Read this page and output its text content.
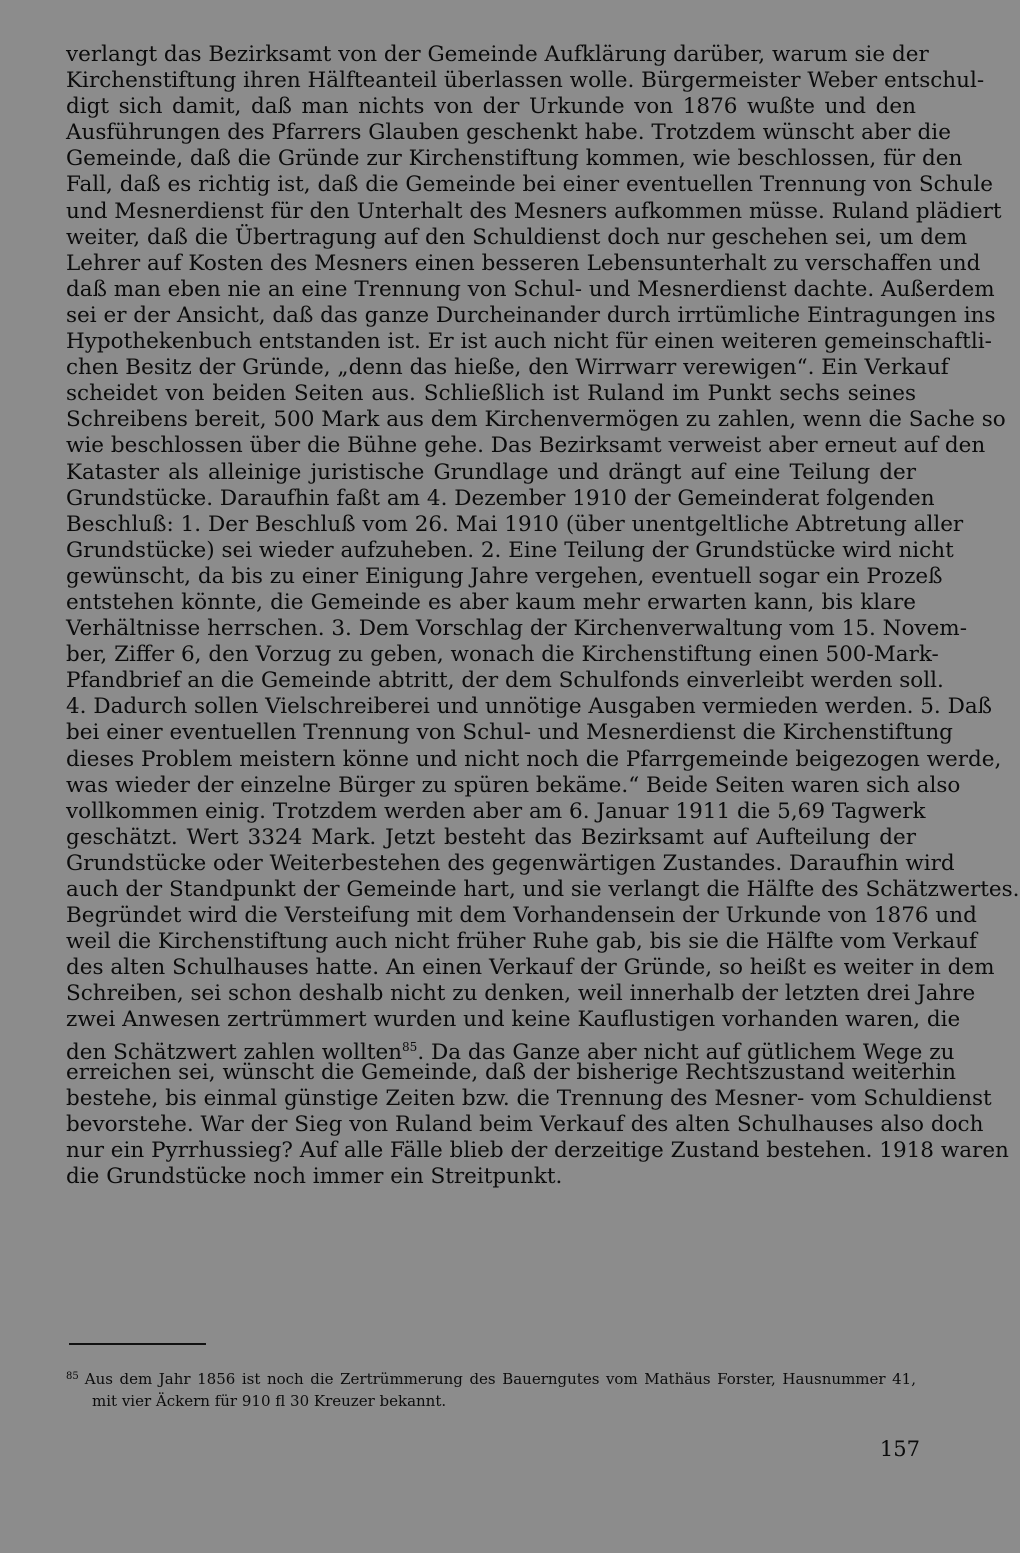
verlangt das Bezirksamt von der Gemeinde Aufklärung darüber, warum sie der
Kirchenstiftung ihren Hälfteanteil überlassen wolle. Bürgermeister Weber entschul-
digt sich damit, daß man nichts von der Urkunde von 1876 wußte und den
Ausführungen des Pfarrers Glauben geschenkt habe. Trotzdem wünscht aber die
Gemeinde, daß die Gründe zur Kirchenstiftung kommen, wie beschlossen, für den
Fall, daß es richtig ist, daß die Gemeinde bei einer eventuellen Trennung von Schule
und Mesnerdienst für den Unterhalt des Mesners aufkommen müsse. Ruland plädiert
weiter, daß die Übertragung auf den Schuldienst doch nur geschehen sei, um dem
Lehrer auf Kosten des Mesners einen besseren Lebensunterhalt zu verschaffen und
daß man eben nie an eine Trennung von Schul- und Mesnerdienst dachte. Außerdem
sei er der Ansicht, daß das ganze Durcheinander durch irrtümliche Eintragungen ins
Hypothekenbuch entstanden ist. Er ist auch nicht für einen weiteren gemeinschaftli-
chen Besitz der Gründe, „denn das hieße, den Wirrwarr verewigen“. Ein Verkauf
scheidet von beiden Seiten aus. Schließlich ist Ruland im Punkt sechs seines
Schreibens bereit, 500 Mark aus dem Kirchenvermögen zu zahlen, wenn die Sache so
wie beschlossen über die Bühne gehe. Das Bezirksamt verweist aber erneut auf den
Kataster als alleinige juristische Grundlage und drängt auf eine Teilung der
Grundstücke. Daraufhin faßt am 4. Dezember 1910 der Gemeinderat folgenden
Beschluß: 1. Der Beschluß vom 26. Mai 1910 (über unentgeltliche Abtretung aller
Grundstücke) sei wieder aufzuheben. 2. Eine Teilung der Grundstücke wird nicht
gewünscht, da bis zu einer Einigung Jahre vergehen, eventuell sogar ein Prozeß
entstehen könnte, die Gemeinde es aber kaum mehr erwarten kann, bis klare
Verhältnisse herrschen. 3. Dem Vorschlag der Kirchenverwaltung vom 15. Novem-
ber, Ziffer 6, den Vorzug zu geben, wonach die Kirchenstiftung einen 500-Mark-
Pfandbrief an die Gemeinde abtritt, der dem Schulfonds einverleibt werden soll.
4. Dadurch sollen Vielschreiberei und unnötige Ausgaben vermieden werden. 5. Daß
bei einer eventuellen Trennung von Schul- und Mesnerdienst die Kirchenstiftung
dieses Problem meistern könne und nicht noch die Pfarrgemeinde beigezogen werde,
was wieder der einzelne Bürger zu spüren bekäme.“ Beide Seiten waren sich also
vollkommen einig. Trotzdem werden aber am 6. Januar 1911 die 5,69 Tagwerk
geschätzt. Wert 3324 Mark. Jetzt besteht das Bezirksamt auf Aufteilung der
Grundstücke oder Weiterbestehen des gegenwärtigen Zustandes. Daraufhin wird
auch der Standpunkt der Gemeinde hart, und sie verlangt die Hälfte des Schätzwertes.
Begründet wird die Versteifung mit dem Vorhandensein der Urkunde von 1876 und
weil die Kirchenstiftung auch nicht früher Ruhe gab, bis sie die Hälfte vom Verkauf
des alten Schulhauses hatte. An einen Verkauf der Gründe, so heißt es weiter in dem
Schreiben, sei schon deshalb nicht zu denken, weil innerhalb der letzten drei Jahre
zwei Anwesen zertrümmert wurden und keine Kauflustigen vorhanden waren, die
den Schätzwert zahlen wollten$^{85}$. Da das Ganze aber nicht auf gütlichem Wege zu
erreichen sei, wünscht die Gemeinde, daß der bisherige Rechtszustand weiterhin
bestehe, bis einmal günstige Zeiten bzw. die Trennung des Mesner- vom Schuldienst
bevorstehe. War der Sieg von Ruland beim Verkauf des alten Schulhauses also doch
nur ein Pyrrhussieg? Auf alle Fälle blieb der derzeitige Zustand bestehen. 1918 waren
die Grundstücke noch immer ein Streitpunkt.
$^{85}$ Aus dem Jahr 1856 ist noch die Zertrümmerung des Bauerngutes vom Mathäus Forster, Hausnummer 41,
mit vier Äckern für 910 fl 30 Kreuzer bekannt.
157
